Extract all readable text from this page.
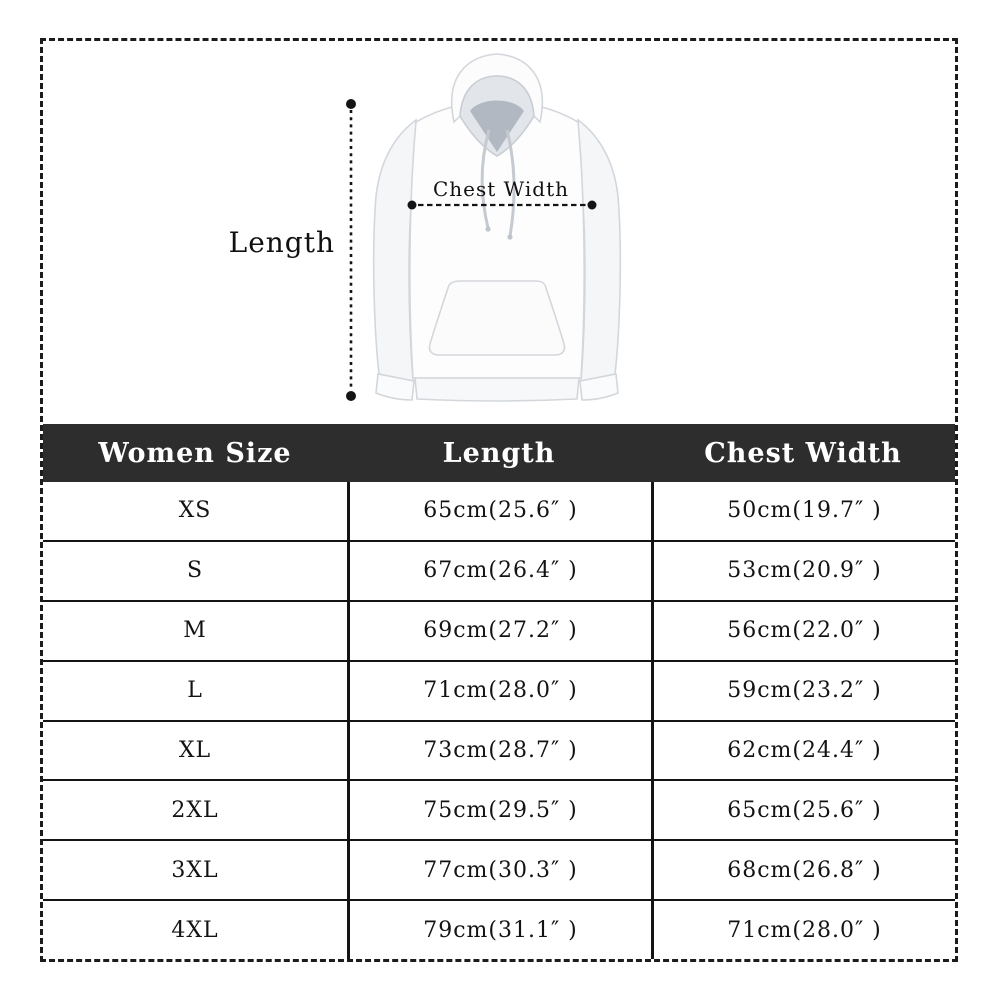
Length
Chest Width
Women Size	Length	Chest Width
XS	65cm(25.6″ )	50cm(19.7″ )
S	67cm(26.4″ )	53cm(20.9″ )
M	69cm(27.2″ )	56cm(22.0″ )
L	71cm(28.0″ )	59cm(23.2″ )
XL	73cm(28.7″ )	62cm(24.4″ )
2XL	75cm(29.5″ )	65cm(25.6″ )
3XL	77cm(30.3″ )	68cm(26.8″ )
4XL	79cm(31.1″ )	71cm(28.0″ )
